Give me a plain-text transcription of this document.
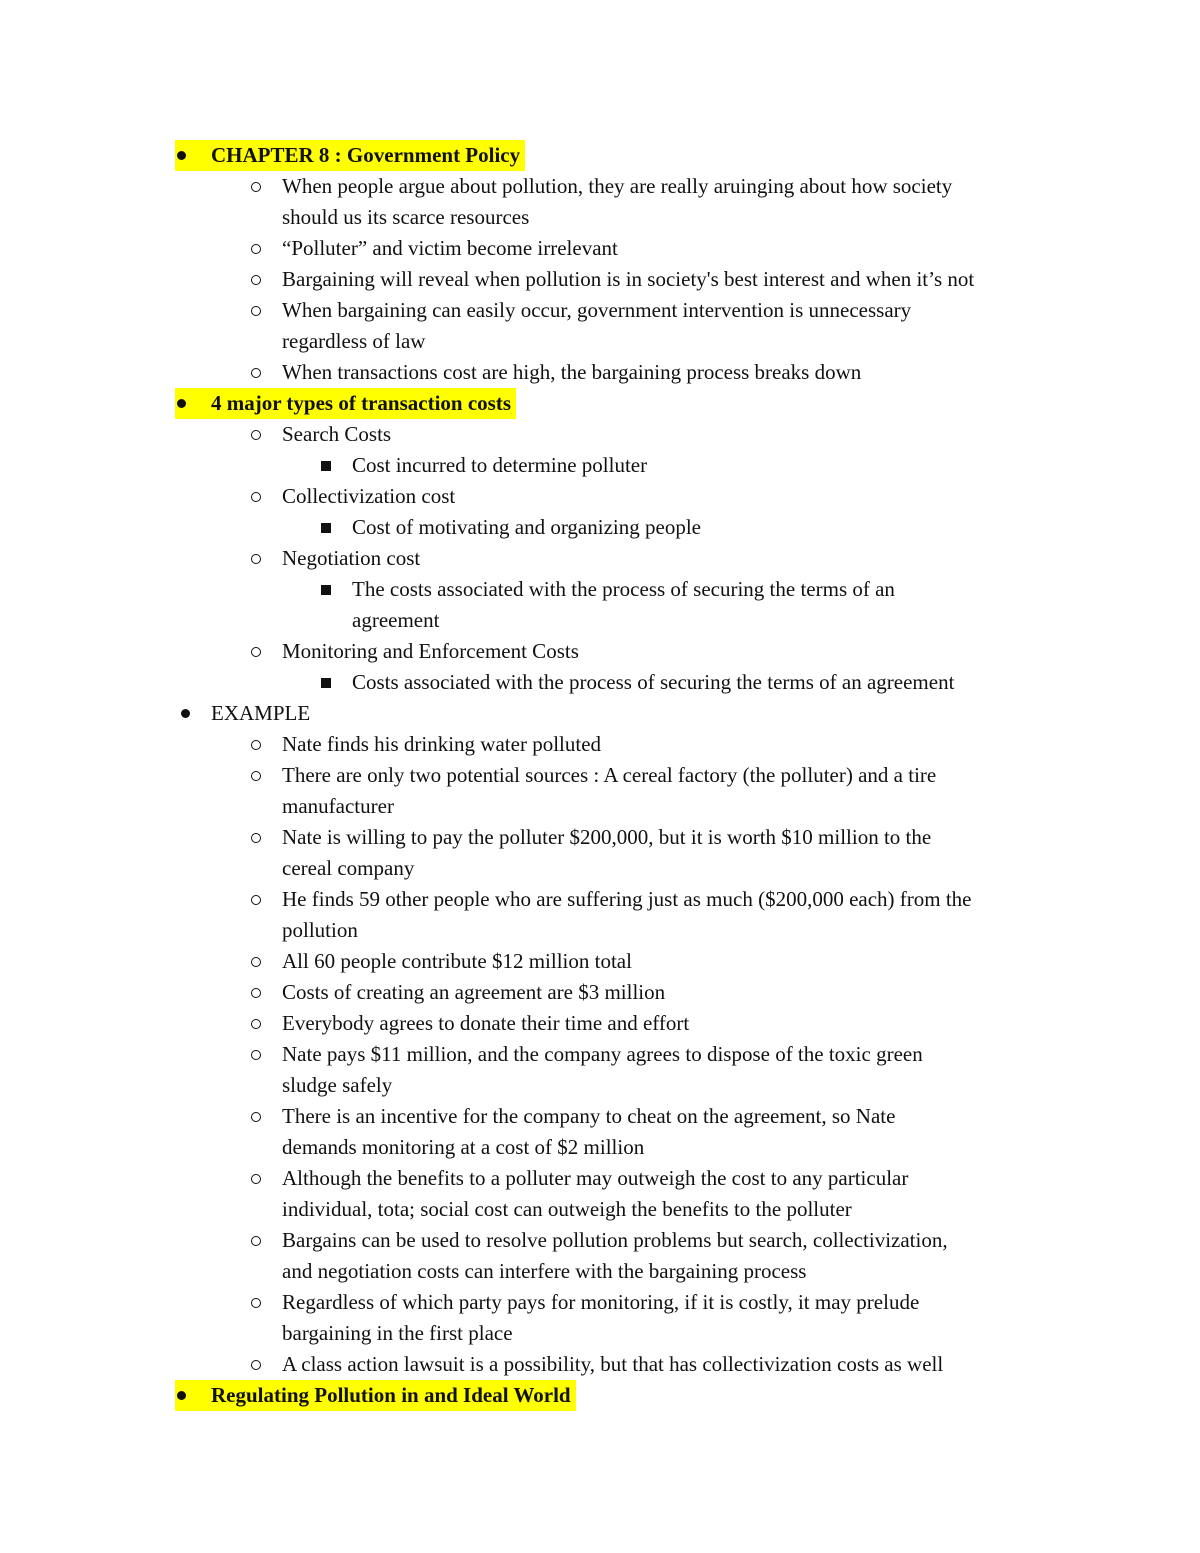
CHAPTER 8 : Government Policy
When people argue about pollution, they are really aruinging about how society
should us its scarce resources
“Polluter” and victim become irrelevant
Bargaining will reveal when pollution is in society's best interest and when it’s not
When bargaining can easily occur, government intervention is unnecessary
regardless of law
When transactions cost are high, the bargaining process breaks down
4 major types of transaction costs
Search Costs
Cost incurred to determine polluter
Collectivization cost
Cost of motivating and organizing people
Negotiation cost
The costs associated with the process of securing the terms of an
agreement
Monitoring and Enforcement Costs
Costs associated with the process of securing the terms of an agreement
EXAMPLE
Nate finds his drinking water polluted
There are only two potential sources : A cereal factory (the polluter) and a tire
manufacturer
Nate is willing to pay the polluter $200,000, but it is worth $10 million to the
cereal company
He finds 59 other people who are suffering just as much ($200,000 each) from the
pollution
All 60 people contribute $12 million total
Costs of creating an agreement are $3 million
Everybody agrees to donate their time and effort
Nate pays $11 million, and the company agrees to dispose of the toxic green
sludge safely
There is an incentive for the company to cheat on the agreement, so Nate
demands monitoring at a cost of $2 million
Although the benefits to a polluter may outweigh the cost to any particular
individual, tota; social cost can outweigh the benefits to the polluter
Bargains can be used to resolve pollution problems but search, collectivization,
and negotiation costs can interfere with the bargaining process
Regardless of which party pays for monitoring, if it is costly, it may prelude
bargaining in the first place
A class action lawsuit is a possibility, but that has collectivization costs as well
Regulating Pollution in and Ideal World
